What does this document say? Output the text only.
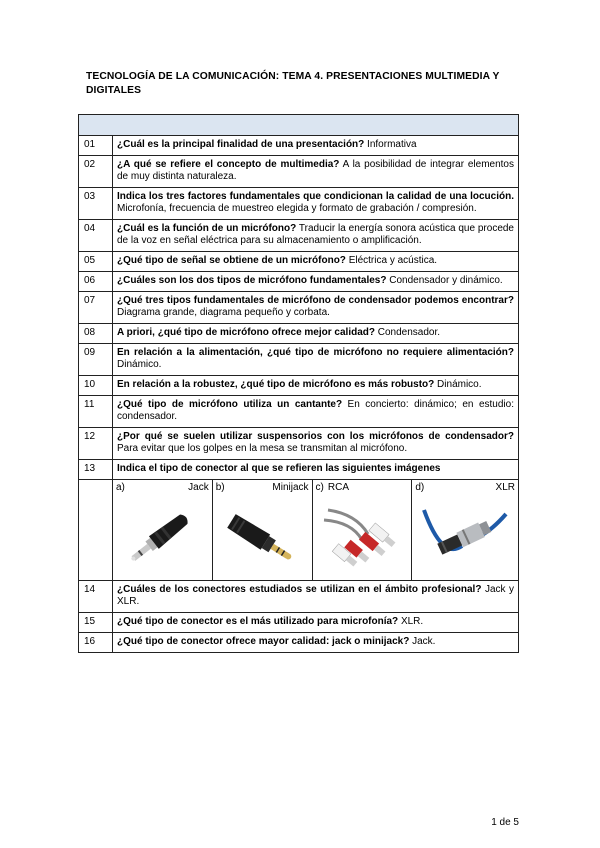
TECNOLOGÍA DE LA COMUNICACIÓN: TEMA 4. PRESENTACIONES MULTIMEDIA Y DIGITALES

01	¿Cuál es la principal finalidad de una presentación? Informativa
02	¿A qué se refiere el concepto de multimedia? A la posibilidad de integrar elementos de muy distinta naturaleza.
03	Indica los tres factores fundamentales que condicionan la calidad de una locución. Microfonía, frecuencia de muestreo elegida y formato de grabación / compresión.
04	¿Cuál es la función de un micrófono? Traducir la energía sonora acústica que procede de la voz en señal eléctrica para su almacenamiento o amplificación.
05	¿Qué tipo de señal se obtiene de un micrófono? Eléctrica y acústica.
06	¿Cuáles son los dos tipos de micrófono fundamentales? Condensador y dinámico.
07	¿Qué tres tipos fundamentales de micrófono de condensador podemos encontrar? Diagrama grande, diagrama pequeño y corbata.
08	A priori, ¿qué tipo de micrófono ofrece mejor calidad? Condensador.
09	En relación a la alimentación, ¿qué tipo de micrófono no requiere alimentación? Dinámico.
10	En relación a la robustez, ¿qué tipo de micrófono es más robusto? Dinámico.
11	¿Qué tipo de micrófono utiliza un cantante? En concierto: dinámico; en estudio: condensador.
12	¿Por qué se suelen utilizar suspensorios con los micrófonos de condensador? Para evitar que los golpes en la mesa se transmitan al micrófono.
13	Indica el tipo de conector al que se refieren las siguientes imágenes

a)	Jack	b)	Minijack	c) RCA	d)	XLR

14	¿Cuáles de los conectores estudiados se utilizan en el ámbito profesional? Jack y XLR.
15	¿Qué tipo de conector es el más utilizado para microfonía? XLR.
16	¿Qué tipo de conector ofrece mayor calidad: jack o minijack? Jack.
1 de 5
